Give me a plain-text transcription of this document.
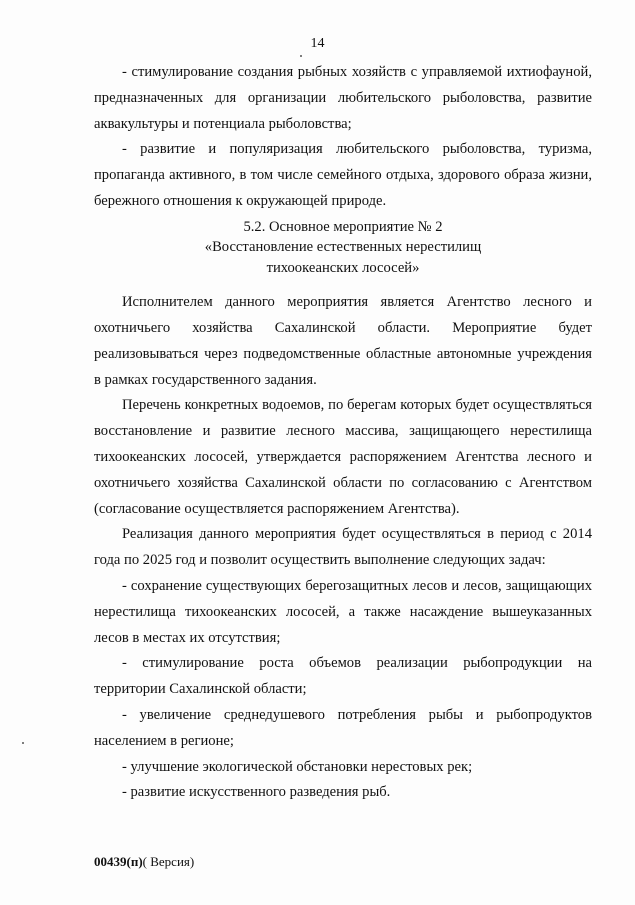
14

- стимулирование создания рыбных хозяйств с управляемой ихтиофауной, предназначенных для организации любительского рыболовства, развитие аквакультуры и потенциала рыболовства;

- развитие и популяризация любительского рыболовства, туризма, пропаганда активного, в том числе семейного отдыха, здорового образа жизни, бережного отношения к окружающей природе.

5.2. Основное мероприятие № 2
«Восстановление естественных нерестилищ
тихоокеанских лососей»

Исполнителем данного мероприятия является Агентство лесного и охотничьего хозяйства Сахалинской области. Мероприятие будет реализовываться через подведомственные областные автономные учреждения в рамках государственного задания.

Перечень конкретных водоемов, по берегам которых будет осуществляться восстановление и развитие лесного массива, защищающего нерестилища тихоокеанских лососей, утверждается распоряжением Агентства лесного и охотничьего хозяйства Сахалинской области по согласованию с Агентством (согласование осуществляется распоряжением Агентства).

Реализация данного мероприятия будет осуществляться в период с 2014 года по 2025 год и позволит осуществить выполнение следующих задач:

- сохранение существующих берегозащитных лесов и лесов, защищающих нерестилища тихоокеанских лососей, а также насаждение вышеуказанных лесов в местах их отсутствия;

- стимулирование роста объемов реализации рыбопродукции на территории Сахалинской области;

- увеличение среднедушевого потребления рыбы и рыбопродуктов населением в регионе;

- улучшение экологической обстановки нерестовых рек;

- развитие искусственного разведения рыб.

00439(п)( Версия)
